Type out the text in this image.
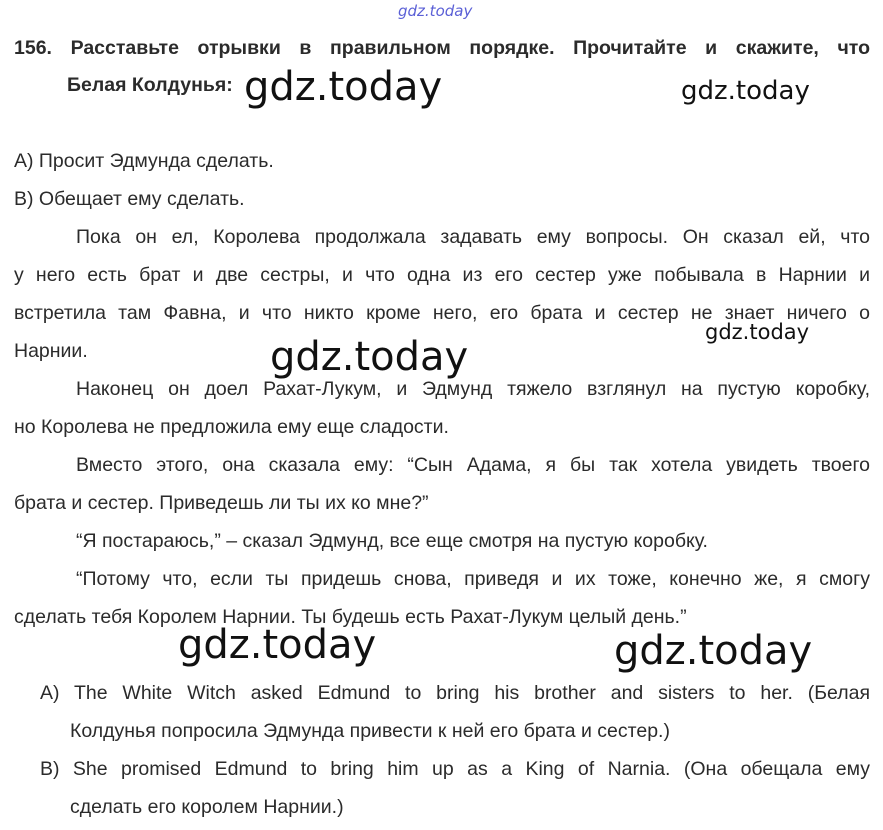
156. Расставьте отрывки в правильном порядке. Прочитайте и скажите, что
Белая Колдунья:
A) Просит Эдмунда сделать.
B) Обещает ему сделать.
Пока он ел, Королева продолжала задавать ему вопросы. Он сказал ей, что
у него есть брат и две сестры, и что одна из его сестер уже побывала в Нарнии и
встретила там Фавна, и что никто кроме него, его брата и сестер не знает ничего о
Нарнии.
Наконец он доел Рахат-Лукум, и Эдмунд тяжело взглянул на пустую коробку,
но Королева не предложила ему еще сладости.
Вместо этого, она сказала ему: “Сын Адама, я бы так хотела увидеть твоего
брата и сестер. Приведешь ли ты их ко мне?”
“Я постараюсь,” – сказал Эдмунд, все еще смотря на пустую коробку.
“Потому что, если ты придешь снова, приведя и их тоже, конечно же, я смогу
сделать тебя Королем Нарнии. Ты будешь есть Рахат-Лукум целый день.”
A) The White Witch asked Edmund to bring his brother and sisters to her. (Белая
Колдунья попросила Эдмунда привести к ней его брата и сестер.)
B) She promised Edmund to bring him up as a King of Narnia. (Она обещала ему
сделать его королем Нарнии.)
gdz.today
gdz.today	gdz.today
gdz.today
gdz.today
gdz.today	gdz.today
